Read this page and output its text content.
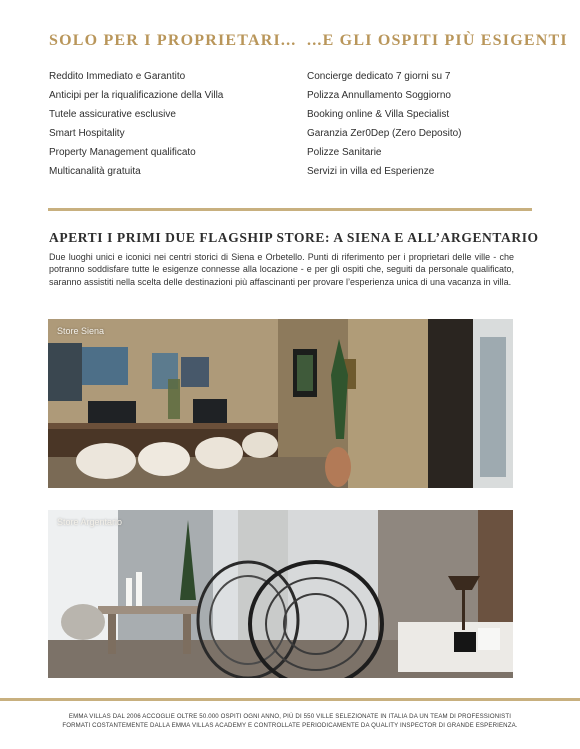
SOLO PER I PROPRIETARI... ...E GLI OSPITI PIÙ ESIGENTI
Reddito Immediato e Garantito
Anticipi per la riqualificazione della Villa
Tutele assicurative esclusive
Smart Hospitality
Property Management qualificato
Multicanalità gratuita
Concierge dedicato 7 giorni su 7
Polizza Annullamento Soggiorno
Booking online & Villa Specialist
Garanzia Zer0Dep (Zero Deposito)
Polizze Sanitarie
Servizi in villa ed Esperienze
APERTI I PRIMI DUE FLAGSHIP STORE: A SIENA E ALL’ARGENTARIO

Due luoghi unici e iconici nei centri storici di Siena e Orbetello. Punti di riferimento per i proprietari delle ville - che potranno soddisfare tutte le esigenze connesse alla locazione - e per gli ospiti che, seguiti da personale qualificato, saranno assistiti nella scelta delle destinazioni più affascinanti per provare l’esperienza unica di una vacanza in villa.

Store Siena
Store Argentario
EMMA VILLAS DAL 2006 ACCOGLIE OLTRE 50.000 OSPITI OGNI ANNO, PIÙ DI 550 VILLE SELEZIONATE IN ITALIA DA UN TEAM DI PROFESSIONISTI
FORMATI COSTANTEMENTE DALLA EMMA VILLAS ACADEMY E CONTROLLATE PERIODICAMENTE DA QUALITY INSPECTOR DI GRANDE ESPERIENZA.
